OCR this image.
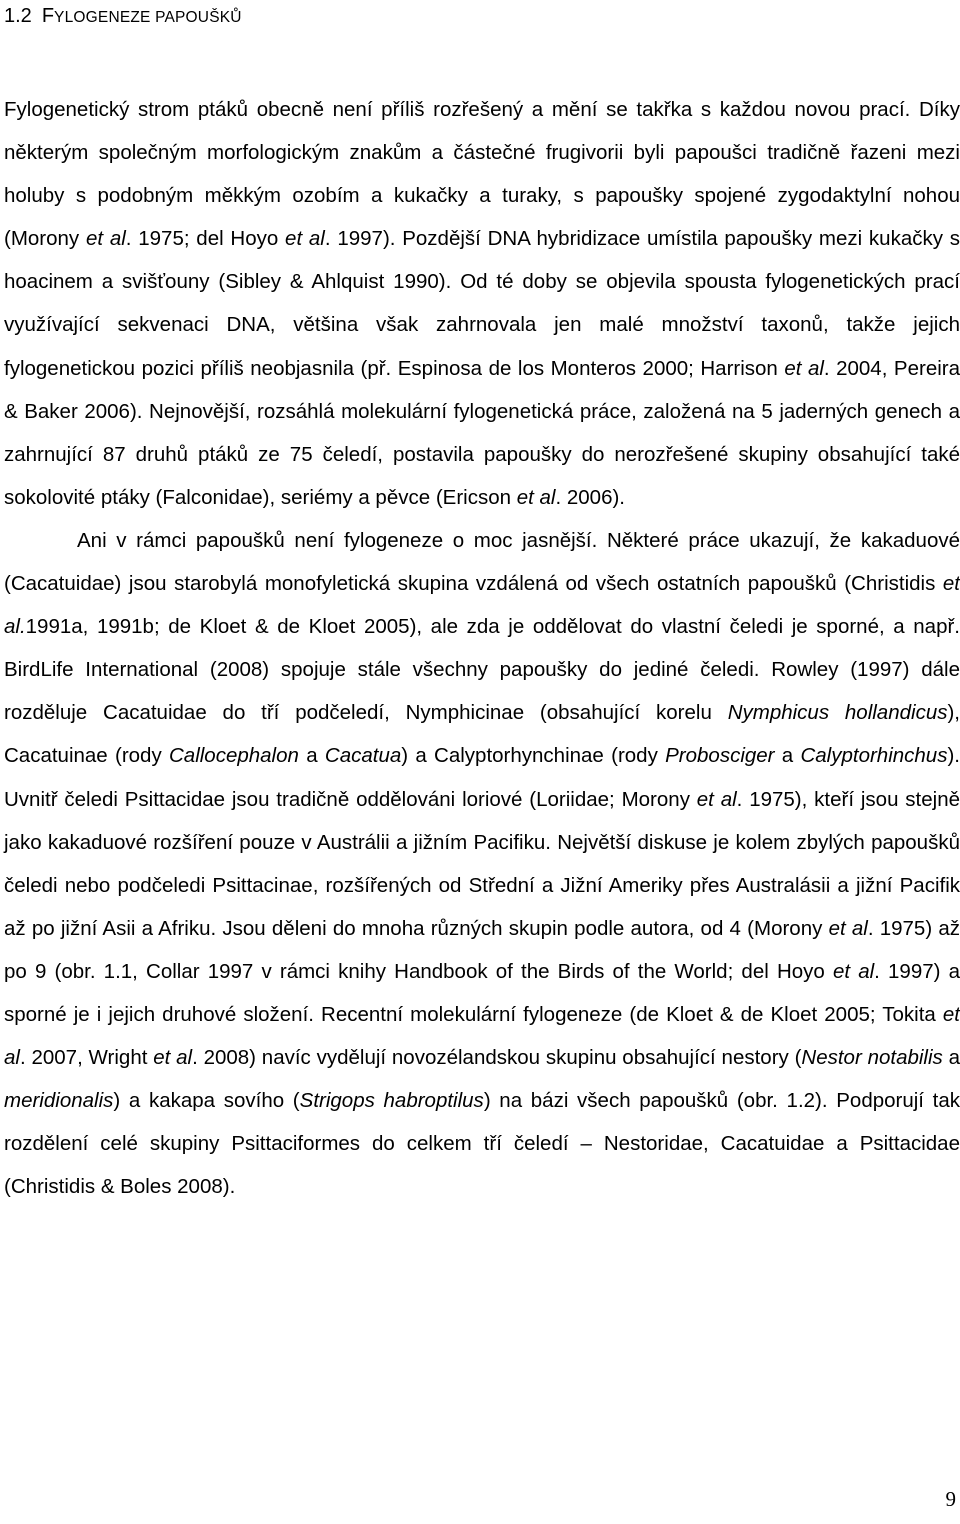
1.2 FYLOGENEZE PAPOUŠKŮ

Fylogenetický strom ptáků obecně není příliš rozřešený a mění se takřka s každou novou prací. Díky některým společným morfologickým znakům a částečné frugivorii byli papoušci tradičně řazeni mezi holuby s podobným měkkým ozobím a kukačky a turaky, s papoušky spojené zygodaktylní nohou (Morony et al. 1975; del Hoyo et al. 1997). Pozdější DNA hybridizace umístila papoušky mezi kukačky s hoacinem a svišťouny (Sibley & Ahlquist 1990). Od té doby se objevila spousta fylogenetických prací využívající sekvenaci DNA, většina však zahrnovala jen malé množství taxonů, takže jejich fylogenetickou pozici příliš neobjasnila (př. Espinosa de los Monteros 2000; Harrison et al. 2004, Pereira & Baker 2006). Nejnovější, rozsáhlá molekulární fylogenetická práce, založená na 5 jaderných genech a zahrnující 87 druhů ptáků ze 75 čeledí, postavila papoušky do nerozřešené skupiny obsahující také sokolovité ptáky (Falconidae), seriémy a pěvce (Ericson et al. 2006).

Ani v rámci papoušků není fylogeneze o moc jasnější. Některé práce ukazují, že kakaduové (Cacatuidae) jsou starobylá monofyletická skupina vzdálená od všech ostatních papoušků (Christidis et al.1991a, 1991b; de Kloet & de Kloet 2005), ale zda je oddělovat do vlastní čeledi je sporné, a např. BirdLife International (2008) spojuje stále všechny papoušky do jediné čeledi. Rowley (1997) dále rozděluje Cacatuidae do tří podčeledí, Nymphicinae (obsahující korelu Nymphicus hollandicus), Cacatuinae (rody Callocephalon a Cacatua) a Calyptorhynchinae (rody Probosciger a Calyptorhinchus). Uvnitř čeledi Psittacidae jsou tradičně oddělováni loriové (Loriidae; Morony et al. 1975), kteří jsou stejně jako kakaduové rozšíření pouze v Austrálii a jižním Pacifiku. Největší diskuse je kolem zbylých papoušků čeledi nebo podčeledi Psittacinae, rozšířených od Střední a Jižní Ameriky přes Australásii a jižní Pacifik až po jižní Asii a Afriku. Jsou děleni do mnoha různých skupin podle autora, od 4 (Morony et al. 1975) až po 9 (obr. 1.1, Collar 1997 v rámci knihy Handbook of the Birds of the World; del Hoyo et al. 1997) a sporné je i jejich druhové složení. Recentní molekulární fylogeneze (de Kloet & de Kloet 2005; Tokita et al. 2007, Wright et al. 2008) navíc vydělují novozélandskou skupinu obsahující nestory (Nestor notabilis a meridionalis) a kakapa sovího (Strigops habroptilus) na bázi všech papoušků (obr. 1.2). Podporují tak rozdělení celé skupiny Psittaciformes do celkem tří čeledí – Nestoridae, Cacatuidae a Psittacidae (Christidis & Boles 2008).

9
